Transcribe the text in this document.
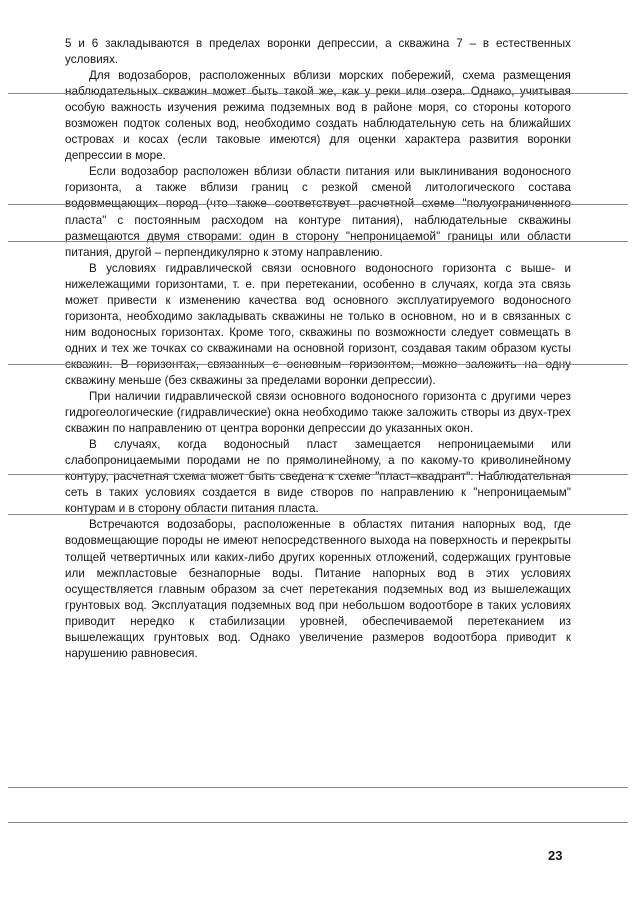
5 и 6 закладываются в пределах воронки депрессии, а скважина 7 – в естественных условиях.

Для водозаборов, расположенных вблизи морских побережий, схема размещения наблюдательных скважин может быть такой же, как у реки или озера. Однако, учитывая особую важность изучения режима подземных вод в районе моря, со стороны которого возможен подток соленых вод, необходимо создать наблюдательную сеть на ближайших островах и косах (если таковые имеются) для оценки характера развития воронки депрессии в море.

Если водозабор расположен вблизи области питания или выклинивания водоносного горизонта, а также вблизи границ с резкой сменой литологического состава водовмещающих пород (что также соответствует расчетной схеме "полуограниченного пласта" с постоянным расходом на контуре питания), наблюдательные скважины размещаются двумя створами: один в сторону "непроницаемой" границы или области питания, другой – перпендикулярно к этому направлению.

В условиях гидравлической связи основного водоносного горизонта с выше- и нижележащими горизонтами, т. е. при перетекании, особенно в случаях, когда эта связь может привести к изменению качества вод основного эксплуатируемого водоносного горизонта, необходимо закладывать скважины не только в основном, но и в связанных с ним водоносных горизонтах. Кроме того, скважины по возможности следует совмещать в одних и тех же точках со скважинами на основной горизонт, создавая таким образом кусты скважин. В горизонтах, связанных с основным горизонтом, можно заложить на одну скважину меньше (без скважины за пределами воронки депрессии).

При наличии гидравлической связи основного водоносного горизонта с другими через гидрогеологические (гидравлические) окна необходимо также заложить створы из двух-трех скважин по направлению от центра воронки депрессии до указанных окон.

В случаях, когда водоносный пласт замещается непроницаемыми или слабопроницаемыми породами не по прямолинейному, а по какому-то криволинейному контуру, расчетная схема может быть сведена к схеме "пласт–квадрант". Наблюдательная сеть в таких условиях создается в виде створов по направлению к "непроницаемым" контурам и в сторону области питания пласта.

Встречаются водозаборы, расположенные в областях питания напорных вод, где водовмещающие породы не имеют непосредственного выхода на поверхность и перекрыты толщей четвертичных или каких-либо других коренных отложений, содержащих грунтовые или межпластовые безнапорные воды. Питание напорных вод в этих условиях осуществляется главным образом за счет перетекания подземных вод из вышележащих грунтовых вод. Эксплуатация подземных вод при небольшом водоотборе в таких условиях приводит нередко к стабилизации уровней, обеспечиваемой перетеканием из вышележащих грунтовых вод. Однако увеличение размеров водоотбора приводит к нарушению равновесия.

23
